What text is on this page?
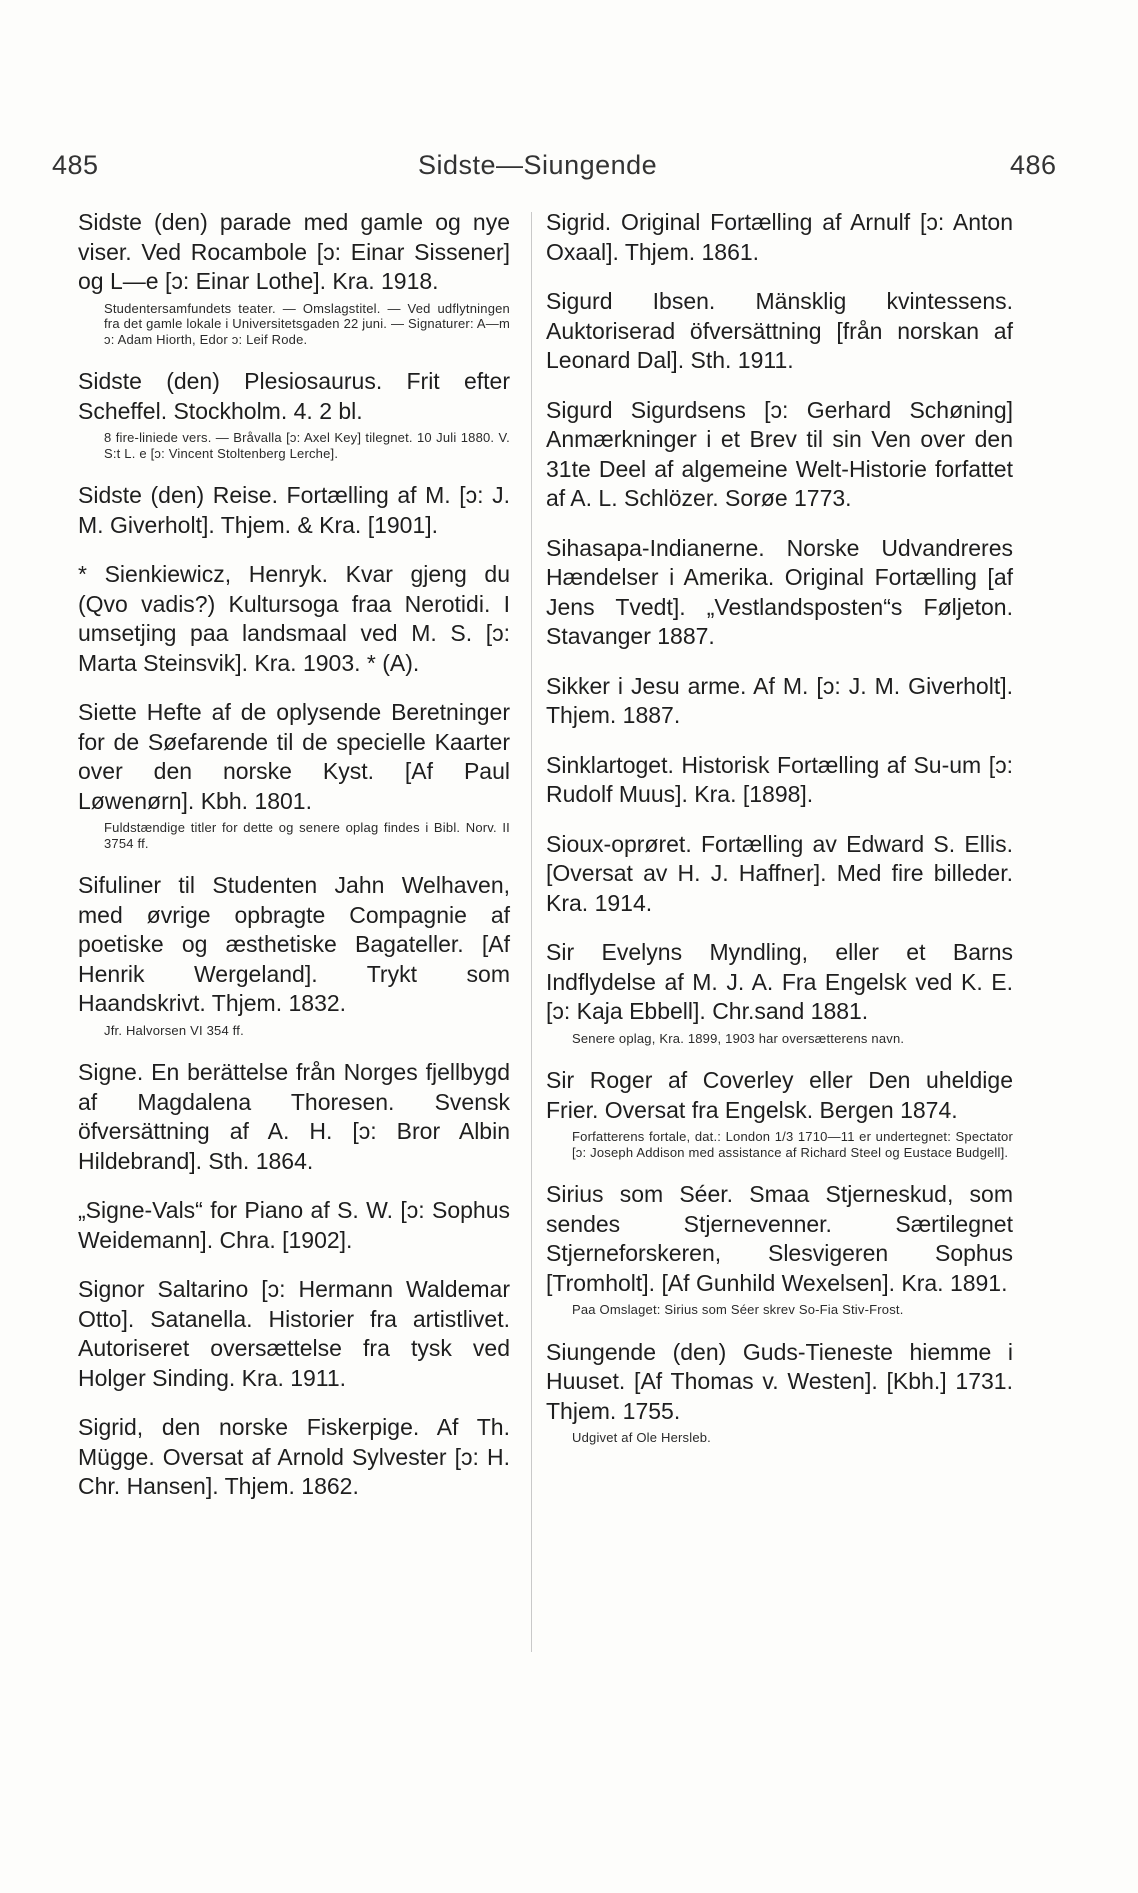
485	Sidste—Siungende	486
Sidste (den) parade med gamle og nye viser. Ved Rocambole [ɔ: Einar Sissener] og L—e [ɔ: Einar Lothe]. Kra. 1918.
Studentersamfundets teater. — Omslagstitel. — Ved udflytningen fra det gamle lokale i Universitetsgaden 22 juni. — Signaturer: A—m ɔ: Adam Hiorth, Edor ɔ: Leif Rode.
Sidste (den) Plesiosaurus. Frit efter Scheffel. Stockholm. 4. 2 bl.
8 fire-liniede vers. — Bråvalla [ɔ: Axel Key] tilegnet. 10 Juli 1880. V. S:t L. e [ɔ: Vincent Stoltenberg Lerche].
Sidste (den) Reise. Fortælling af M. [ɔ: J. M. Giverholt]. Thjem. & Kra. [1901].
* Sienkiewicz, Henryk. Kvar gjeng du (Qvo vadis?) Kultursoga fraa Nerotidi. I umsetjing paa landsmaal ved M. S. [ɔ: Marta Steinsvik]. Kra. 1903. * (A).
Siette Hefte af de oplysende Beretninger for de Søefarende til de specielle Kaarter over den norske Kyst. [Af Paul Løwenørn]. Kbh. 1801.
Fuldstændige titler for dette og senere oplag findes i Bibl. Norv. II 3754 ff.
Sifuliner til Studenten Jahn Welhaven, med øvrige opbragte Compagnie af poetiske og æsthetiske Bagateller. [Af Henrik Wergeland]. Trykt som Haandskrivt. Thjem. 1832.
Jfr. Halvorsen VI 354 ff.
Signe. En berättelse från Norges fjellbygd af Magdalena Thoresen. Svensk öfversättning af A. H. [ɔ: Bror Albin Hildebrand]. Sth. 1864.
„Signe-Vals“ for Piano af S. W. [ɔ: Sophus Weidemann]. Chra. [1902].
Signor Saltarino [ɔ: Hermann Waldemar Otto]. Satanella. Historier fra artistlivet. Autoriseret oversættelse fra tysk ved Holger Sinding. Kra. 1911.
Sigrid, den norske Fiskerpige. Af Th. Mügge. Oversat af Arnold Sylvester [ɔ: H. Chr. Hansen]. Thjem. 1862.
Sigrid. Original Fortælling af Arnulf [ɔ: Anton Oxaal]. Thjem. 1861.
Sigurd Ibsen. Mänsklig kvintessens. Auktoriserad öfversättning [från norskan af Leonard Dal]. Sth. 1911.
Sigurd Sigurdsens [ɔ: Gerhard Schøning] Anmærkninger i et Brev til sin Ven over den 31te Deel af algemeine Welt-Historie forfattet af A. L. Schlözer. Sorøe 1773.
Sihasapa-Indianerne. Norske Udvandreres Hændelser i Amerika. Original Fortælling [af Jens Tvedt]. „Vestlandsposten“s Føljeton. Stavanger 1887.
Sikker i Jesu arme. Af M. [ɔ: J. M. Giverholt]. Thjem. 1887.
Sinklartoget. Historisk Fortælling af Su-um [ɔ: Rudolf Muus]. Kra. [1898].
Sioux-oprøret. Fortælling av Edward S. Ellis. [Oversat av H. J. Haffner]. Med fire billeder. Kra. 1914.
Sir Evelyns Myndling, eller et Barns Indflydelse af M. J. A. Fra Engelsk ved K. E. [ɔ: Kaja Ebbell]. Chr.sand 1881.
Senere oplag, Kra. 1899, 1903 har oversætterens navn.
Sir Roger af Coverley eller Den uheldige Frier. Oversat fra Engelsk. Bergen 1874.
Forfatterens fortale, dat.: London 1/3 1710—11 er undertegnet: Spectator [ɔ: Joseph Addison med assistance af Richard Steel og Eustace Budgell].
Sirius som Séer. Smaa Stjerneskud, som sendes Stjernevenner. Særtilegnet Stjerneforskeren, Slesvigeren Sophus [Tromholt]. [Af Gunhild Wexelsen]. Kra. 1891.
Paa Omslaget: Sirius som Séer skrev So-Fia Stiv-Frost.
Siungende (den) Guds-Tieneste hiemme i Huuset. [Af Thomas v. Westen]. [Kbh.] 1731. Thjem. 1755.
Udgivet af Ole Hersleb.
